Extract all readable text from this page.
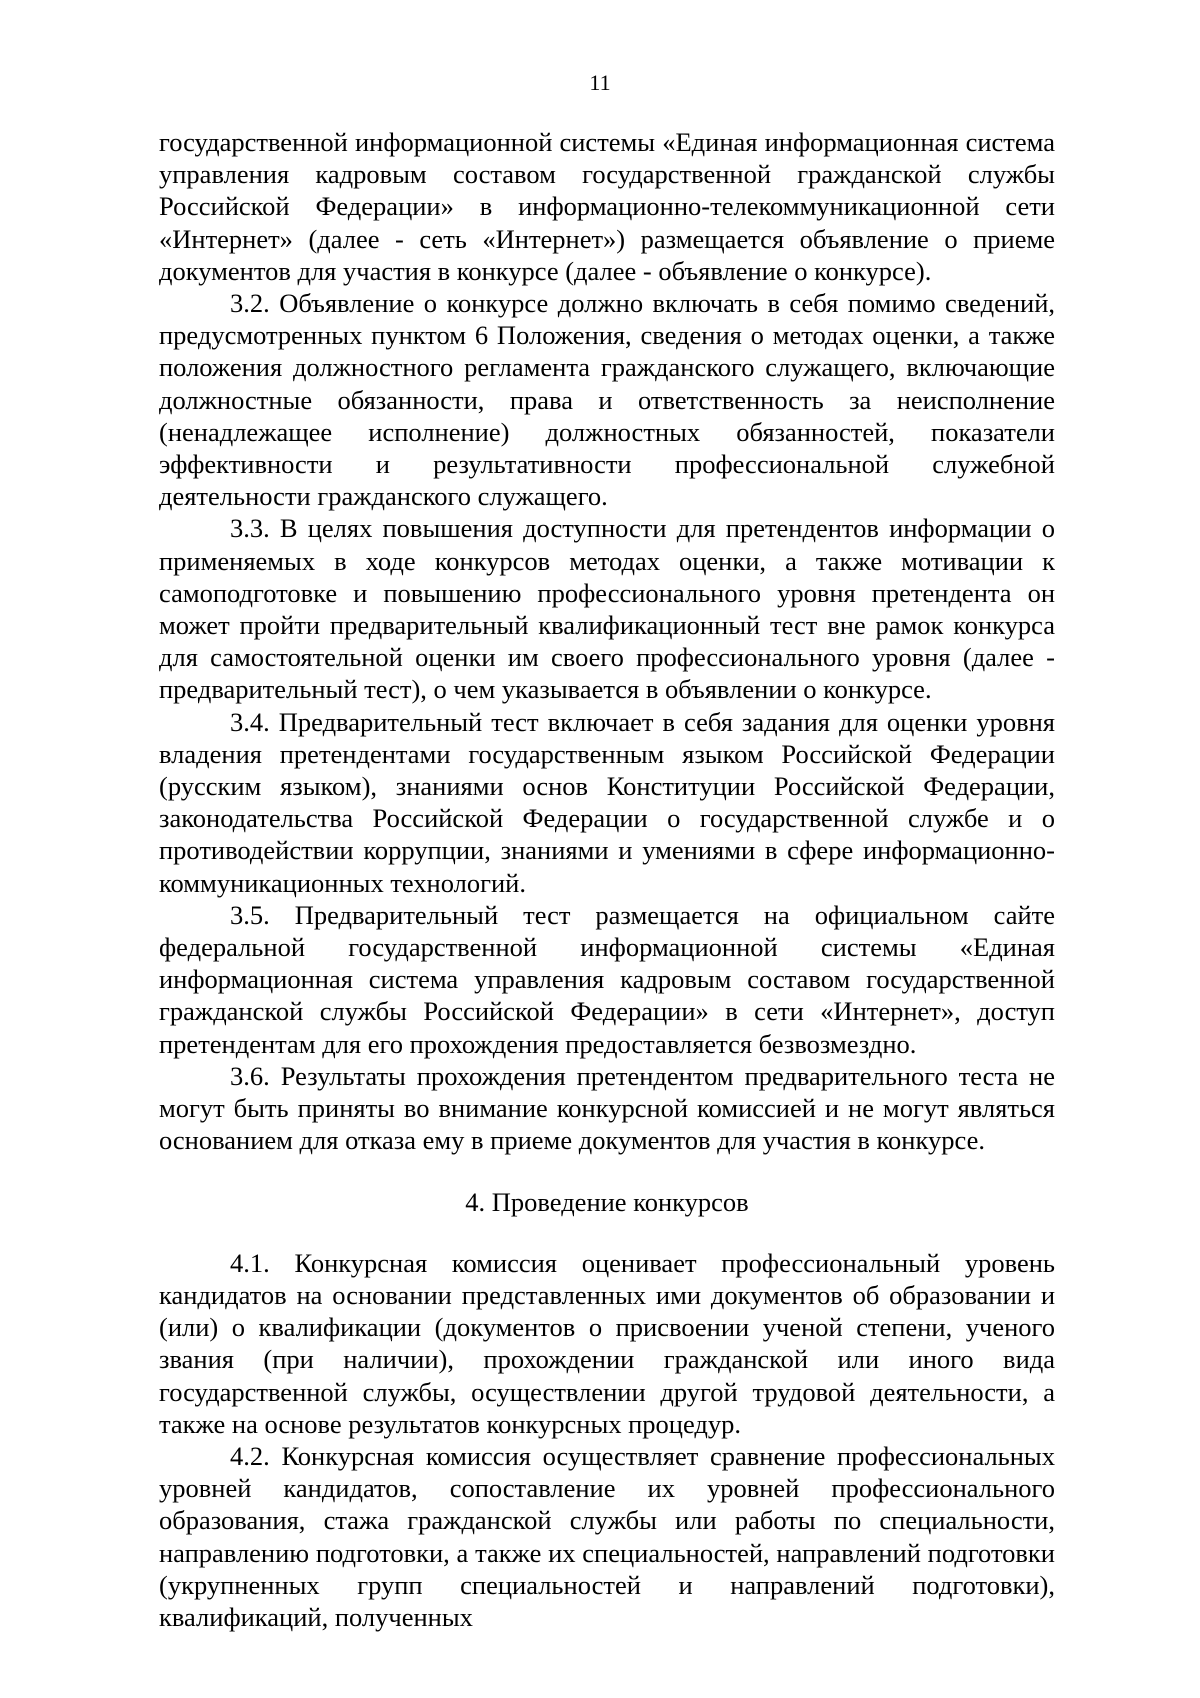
11

государственной информационной системы «Единая информационная система управления кадровым составом государственной гражданской службы Российской Федерации» в информационно-телекоммуникационной сети «Интернет» (далее - сеть «Интернет») размещается объявление о приеме документов для участия в конкурсе (далее - объявление о конкурсе).

3.2. Объявление о конкурсе должно включать в себя помимо сведений, предусмотренных пунктом 6 Положения, сведения о методах оценки, а также положения должностного регламента гражданского служащего, включающие должностные обязанности, права и ответственность за неисполнение (ненадлежащее исполнение) должностных обязанностей, показатели эффективности и результативности профессиональной служебной деятельности гражданского служащего.

3.3. В целях повышения доступности для претендентов информации о применяемых в ходе конкурсов методах оценки, а также мотивации к самоподготовке и повышению профессионального уровня претендента он может пройти предварительный квалификационный тест вне рамок конкурса для самостоятельной оценки им своего профессионального уровня (далее - предварительный тест), о чем указывается в объявлении о конкурсе.

3.4. Предварительный тест включает в себя задания для оценки уровня владения претендентами государственным языком Российской Федерации (русским языком), знаниями основ Конституции Российской Федерации, законодательства Российской Федерации о государственной службе и о противодействии коррупции, знаниями и умениями в сфере информационно-коммуникационных технологий.

3.5. Предварительный тест размещается на официальном сайте федеральной государственной информационной системы «Единая информационная система управления кадровым составом государственной гражданской службы Российской Федерации» в сети «Интернет», доступ претендентам для его прохождения предоставляется безвозмездно.

3.6. Результаты прохождения претендентом предварительного теста не могут быть приняты во внимание конкурсной комиссией и не могут являться основанием для отказа ему в приеме документов для участия в конкурсе.

4. Проведение конкурсов

4.1. Конкурсная комиссия оценивает профессиональный уровень кандидатов на основании представленных ими документов об образовании и (или) о квалификации (документов о присвоении ученой степени, ученого звания (при наличии), прохождении гражданской или иного вида государственной службы, осуществлении другой трудовой деятельности, а также на основе результатов конкурсных процедур.

4.2. Конкурсная комиссия осуществляет сравнение профессиональных уровней кандидатов, сопоставление их уровней профессионального образования, стажа гражданской службы или работы по специальности, направлению подготовки, а также их специальностей, направлений подготовки (укрупненных групп специальностей и направлений подготовки), квалификаций, полученных
